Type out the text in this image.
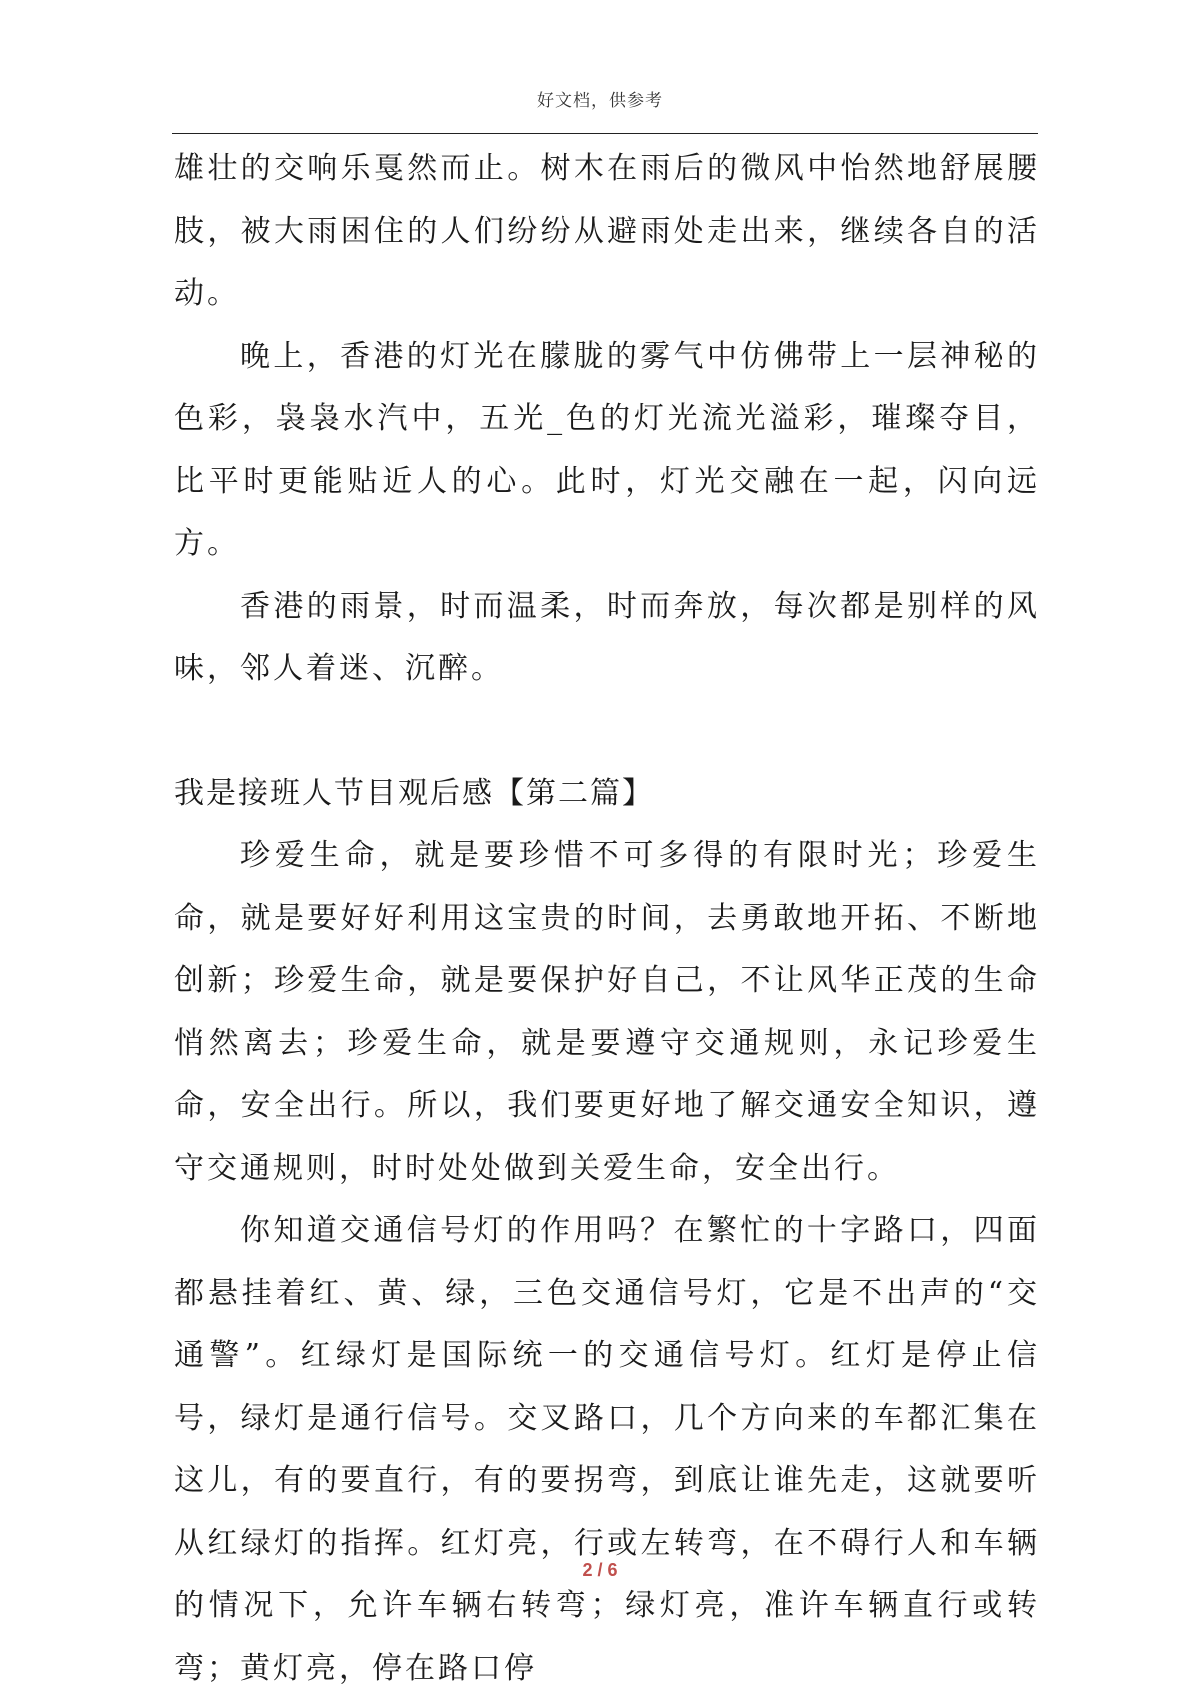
好文档，供参考

雄壮的交响乐戛然而止。树木在雨后的微风中怡然地舒展腰肢，被大雨困住的人们纷纷从避雨处走出来，继续各自的活动。

晚上，香港的灯光在朦胧的雾气中仿佛带上一层神秘的色彩，袅袅水汽中，五光_色的灯光流光溢彩，璀璨夺目，比平时更能贴近人的心。此时，灯光交融在一起，闪向远方。

香港的雨景，时而温柔，时而奔放，每次都是别样的风味，邻人着迷、沉醉。

我是接班人节目观后感【第二篇】

珍爱生命，就是要珍惜不可多得的有限时光；珍爱生命，就是要好好利用这宝贵的时间，去勇敢地开拓、不断地创新；珍爱生命，就是要保护好自己，不让风华正茂的生命悄然离去；珍爱生命，就是要遵守交通规则，永记珍爱生命，安全出行。所以，我们要更好地了解交通安全知识，遵守交通规则，时时处处做到关爱生命，安全出行。

你知道交通信号灯的作用吗？在繁忙的十字路口，四面都悬挂着红、黄、绿，三色交通信号灯，它是不出声的“交通警”。红绿灯是国际统一的交通信号灯。红灯是停止信号，绿灯是通行信号。交叉路口，几个方向来的车都汇集在这儿，有的要直行，有的要拐弯，到底让谁先走，这就要听从红绿灯的指挥。红灯亮，行或左转弯，在不碍行人和车辆的情况下，允许车辆右转弯；绿灯亮，准许车辆直行或转弯；黄灯亮，停在路口停

2 / 6
